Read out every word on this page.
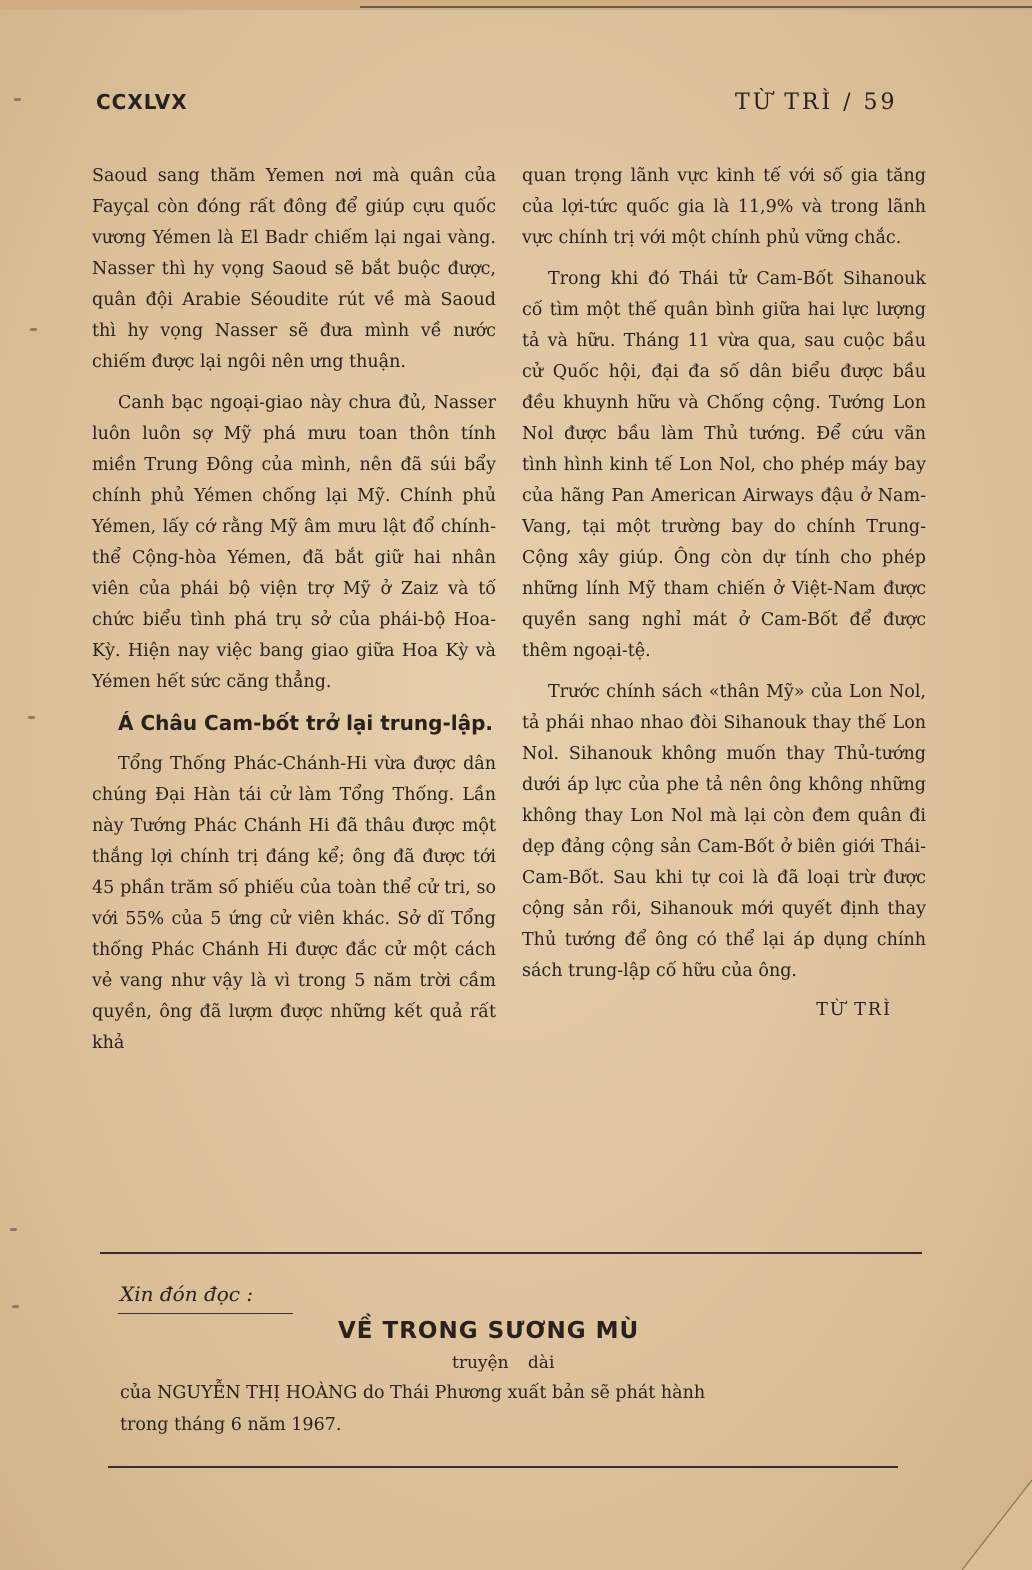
CCXLVX	TỪ TRÌ / 59

Saoud sang thăm Yemen nơi mà quân của Fayçal còn đóng rất đông để giúp cựu quốc vương Yémen là El Badr chiếm lại ngai vàng. Nasser thì hy vọng Saoud sẽ bắt buộc được, quân đội Arabie Séoudite rút về mà Saoud thì hy vọng Nasser sẽ đưa mình về nước chiếm được lại ngôi nên ưng thuận.

Canh bạc ngoại-giao này chưa đủ, Nasser luôn luôn sợ Mỹ phá mưu toan thôn tính miền Trung Đông của mình, nên đã súi bẩy chính phủ Yémen chống lại Mỹ. Chính phủ Yémen, lấy cớ rằng Mỹ âm mưu lật đổ chính-thể Cộng-hòa Yémen, đã bắt giữ hai nhân viên của phái bộ viện trợ Mỹ ở Zaiz và tố chức biểu tình phá trụ sở của phái-bộ Hoa-Kỳ. Hiện nay việc bang giao giữa Hoa Kỳ và Yémen hết sức căng thẳng.

Á Châu Cam-bốt trở lại trung-lập.

Tổng Thống Phác-Chánh-Hi vừa được dân chúng Đại Hàn tái cử làm Tổng Thống. Lần này Tướng Phác Chánh Hi đã thâu được một thắng lợi chính trị đáng kể; ông đã được tới 45 phần trăm số phiếu của toàn thể cử tri, so với 55% của 5 ứng cử viên khác. Sở dĩ Tổng thống Phác Chánh Hi được đắc cử một cách vẻ vang như vậy là vì trong 5 năm trời cầm quyền, ông đã lượm được những kết quả rất khả

quan trọng lãnh vực kinh tế với số gia tăng của lợi-tức quốc gia là 11,9% và trong lãnh vực chính trị với một chính phủ vững chắc.

Trong khi đó Thái tử Cam-Bốt Sihanouk cố tìm một thế quân bình giữa hai lực lượng tả và hữu. Tháng 11 vừa qua, sau cuộc bầu cử Quốc hội, đại đa số dân biểu được bầu đều khuynh hữu và Chống cộng. Tướng Lon Nol được bầu làm Thủ tướng. Để cứu vãn tình hình kinh tế Lon Nol, cho phép máy bay của hãng Pan American Airways đậu ở Nam-Vang, tại một trường bay do chính Trung-Cộng xây giúp. Ông còn dự tính cho phép những lính Mỹ tham chiến ở Việt-Nam được quyền sang nghỉ mát ở Cam-Bốt để được thêm ngoại-tệ.

Trước chính sách «thân Mỹ» của Lon Nol, tả phái nhao nhao đòi Sihanouk thay thế Lon Nol. Sihanouk không muốn thay Thủ-tướng dưới áp lực của phe tả nên ông không những không thay Lon Nol mà lại còn đem quân đi dẹp đảng cộng sản Cam-Bốt ở biên giới Thái-Cam-Bốt. Sau khi tự coi là đã loại trừ được cộng sản rồi, Sihanouk mới quyết định thay Thủ tướng để ông có thể lại áp dụng chính sách trung-lập cố hữu của ông.

TỪ TRÌ
Xin đón đọc :
VỀ TRONG SƯƠNG MÙ
truyện dài
của NGUYỄN THỊ HOÀNG do Thái Phương xuất bản sẽ phát hành
trong tháng 6 năm 1967.
